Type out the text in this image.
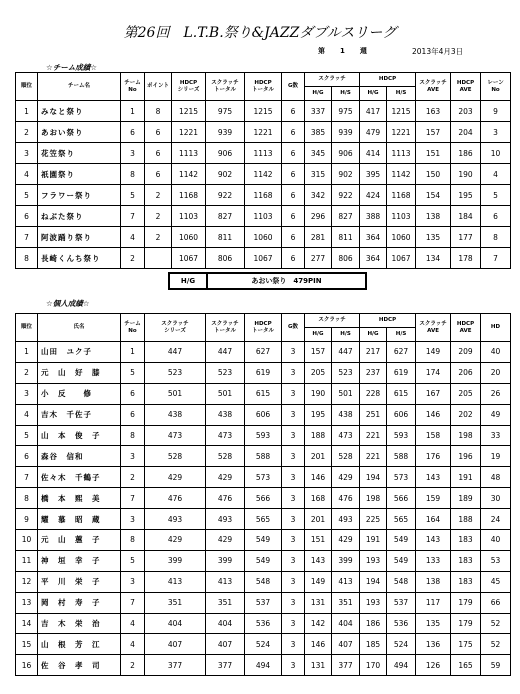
第26回　L.T.B.祭り&JAZZダブルスリーグ
第　1　週	2013年4月3日
☆チーム成績☆
順位	チーム名	チーム
No	ポイント	HDCP
シリーズ	スクラッチ
トータル	HDCP
トータル	G数	スクラッチ		HDCP		スクラッチ
AVE	HDCP
AVE	レーン
No
								H/G	H/S	H/G	H/S			
1	みなと祭り	1	8	1215	975	1215	6	337	975	417	1215	163	203	9
2	あおい祭り	6	6	1221	939	1221	6	385	939	479	1221	157	204	3
3	花笠祭り	3	6	1113	906	1113	6	345	906	414	1113	151	186	10
4	祇園祭り	8	6	1142	902	1142	6	315	902	395	1142	150	190	4
5	フラワー祭り	5	2	1168	922	1168	6	342	922	424	1168	154	195	5
6	ねぶた祭り	7	2	1103	827	1103	6	296	827	388	1103	138	184	6
7	阿波踊り祭り	4	2	1060	811	1060	6	281	811	364	1060	135	177	8
8	長崎くんち祭り	2		1067	806	1067	6	277	806	364	1067	134	178	7
H/G	あおい祭り　479PIN
☆個人成績☆
順位	氏名	チーム
No	スクラッチ
シリーズ	スクラッチ
トータル	HDCP
トータル	G数	スクラッチ		HDCP		スクラッチ
AVE	HDCP
AVE	HD
							H/G	H/S	H/G	H/S			
1	山田　ユク子	1	447	447	627	3	157	447	217	627	149	209	40
2	元　山　好　膝	5	523	523	619	3	205	523	237	619	174	206	20
3	小　反　　修	6	501	501	615	3	190	501	228	615	167	205	26
4	吉木　千佐子	6	438	438	606	3	195	438	251	606	146	202	49
5	山　本　俊　子	8	473	473	593	3	188	473	221	593	158	198	33
6	森谷　信和	3	528	528	588	3	201	528	221	588	176	196	19
7	佐々木　千鶴子	2	429	429	573	3	146	429	194	573	143	191	48
8	橋　本　熙　美	7	476	476	566	3	168	476	198	566	159	189	30
9	耀　慕　昭　蔵	3	493	493	565	3	201	493	225	565	164	188	24
10	元　山　蕙　子	8	429	429	549	3	151	429	191	549	143	183	40
11	神　垣　幸　子	5	399	399	549	3	143	399	193	549	133	183	53
12	平　川　栄　子	3	413	413	548	3	149	413	194	548	138	183	45
13	岡　村　寿　子	7	351	351	537	3	131	351	193	537	117	179	66
14	吉　木　栄　治	4	404	404	536	3	142	404	186	536	135	179	52
15	山　根　芳　江	4	407	407	524	3	146	407	185	524	136	175	52
16	佐　谷　孝　司	2	377	377	494	3	131	377	170	494	126	165	59
